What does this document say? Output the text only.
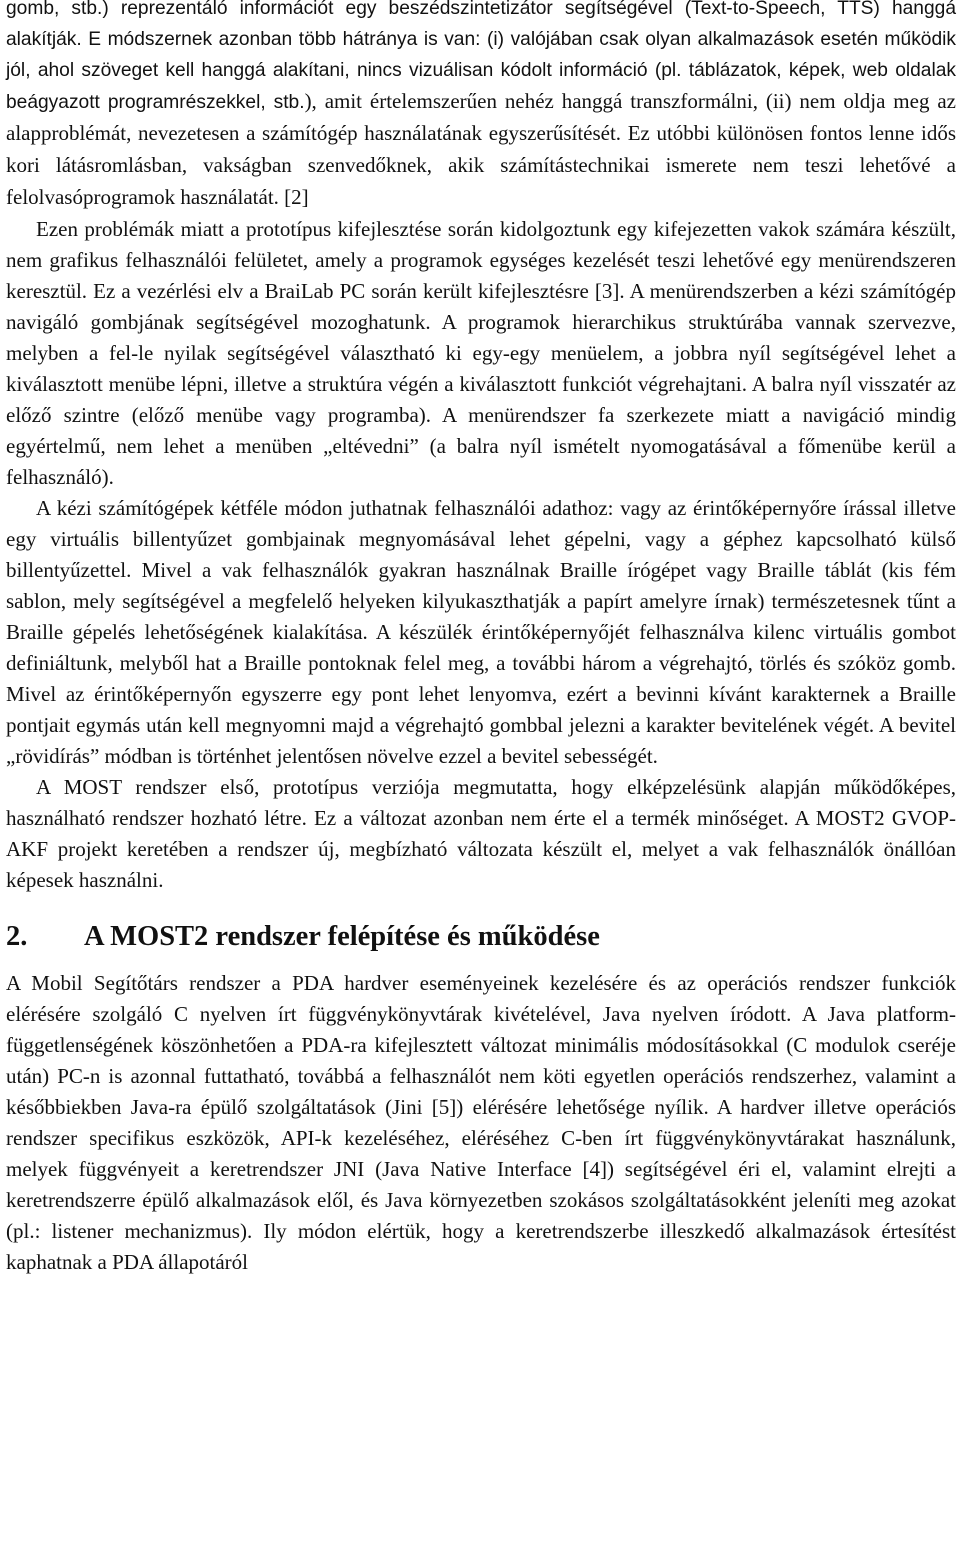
gomb, stb.) reprezentáló információt egy beszédszintetizátor segítségével (Text-to-Speech, TTS) hanggá alakítják. E módszernek azonban több hátránya is van: (i) valójában csak olyan alkalmazások esetén működik jól, ahol szöveget kell hanggá alakítani, nincs vizuálisan kódolt információ (pl. táblázatok, képek, web oldalak beágyazott programrészekkel, stb.), amit értelemszerűen nehéz hanggá transzformálni, (ii) nem oldja meg az alapproblémát, nevezetesen a számítógép használatának egyszerűsítését. Ez utóbbi különösen fontos lenne idős kori látásromlásban, vakságban szenvedőknek, akik számítástechnikai ismerete nem teszi lehetővé a felolvasóprogramok használatát. [2]

Ezen problémák miatt a prototípus kifejlesztése során kidolgoztunk egy kifejezetten vakok számára készült, nem grafikus felhasználói felületet, amely a programok egységes kezelését teszi lehetővé egy menürendszeren keresztül. Ez a vezérlési elv a BraiLab PC során került kifejlesztésre [3]. A menürendszerben a kézi számítógép navigáló gombjának segítségével mozoghatunk. A programok hierarchikus struktúrába vannak szervezve, melyben a fel-le nyilak segítségével választható ki egy-egy menüelem, a jobbra nyíl segítségével lehet a kiválasztott menübe lépni, illetve a struktúra végén a kiválasztott funkciót végrehajtani. A balra nyíl visszatér az előző szintre (előző menübe vagy programba). A menürendszer fa szerkezete miatt a navigáció mindig egyértelmű, nem lehet a menüben „eltévedni” (a balra nyíl ismételt nyomogatásával a főmenübe kerül a felhasználó).

A kézi számítógépek kétféle módon juthatnak felhasználói adathoz: vagy az érintőképernyőre írással illetve egy virtuális billentyűzet gombjainak megnyomásával lehet gépelni, vagy a géphez kapcsolható külső billentyűzettel. Mivel a vak felhasználók gyakran használnak Braille írógépet vagy Braille táblát (kis fém sablon, mely segítségével a megfelelő helyeken kilyukaszthatják a papírt amelyre írnak) természetesnek tűnt a Braille gépelés lehetőségének kialakítása. A készülék érintőképernyőjét felhasználva kilenc virtuális gombot definiáltunk, melyből hat a Braille pontoknak felel meg, a további három a végrehajtó, törlés és szóköz gomb. Mivel az érintőképernyőn egyszerre egy pont lehet lenyomva, ezért a bevinni kívánt karakternek a Braille pontjait egymás után kell megnyomni majd a végrehajtó gombbal jelezni a karakter bevitelének végét. A bevitel „rövidírás” módban is történhet jelentősen növelve ezzel a bevitel sebességét.

A MOST rendszer első, prototípus verziója megmutatta, hogy elképzelésünk alapján működőképes, használható rendszer hozható létre. Ez a változat azonban nem érte el a termék minőséget. A MOST2 GVOP-AKF projekt keretében a rendszer új, megbízható változata készült el, melyet a vak felhasználók önállóan képesek használni.

2. A MOST2 rendszer felépítése és működése

A Mobil Segítőtárs rendszer a PDA hardver eseményeinek kezelésére és az operációs rendszer funkciók elérésére szolgáló C nyelven írt függvénykönyvtárak kivételével, Java nyelven íródott. A Java platform-függetlenségének köszönhetően a PDA-ra kifejlesztett változat minimális módosításokkal (C modulok cseréje után) PC-n is azonnal futtatható, továbbá a felhasználót nem köti egyetlen operációs rendszerhez, valamint a későbbiekben Java-ra épülő szolgáltatások (Jini [5]) elérésére lehetősége nyílik. A hardver illetve operációs rendszer specifikus eszközök, API-k kezeléséhez, eléréséhez C-ben írt függvénykönyvtárakat használunk, melyek függvényeit a keretrendszer JNI (Java Native Interface [4]) segítségével éri el, valamint elrejti a keretrendszerre épülő alkalmazások elől, és Java környezetben szokásos szolgáltatásokként jeleníti meg azokat (pl.: listener mechanizmus). Ily módon elértük, hogy a keretrendszerbe illeszkedő alkalmazások értesítést kaphatnak a PDA állapotáról
